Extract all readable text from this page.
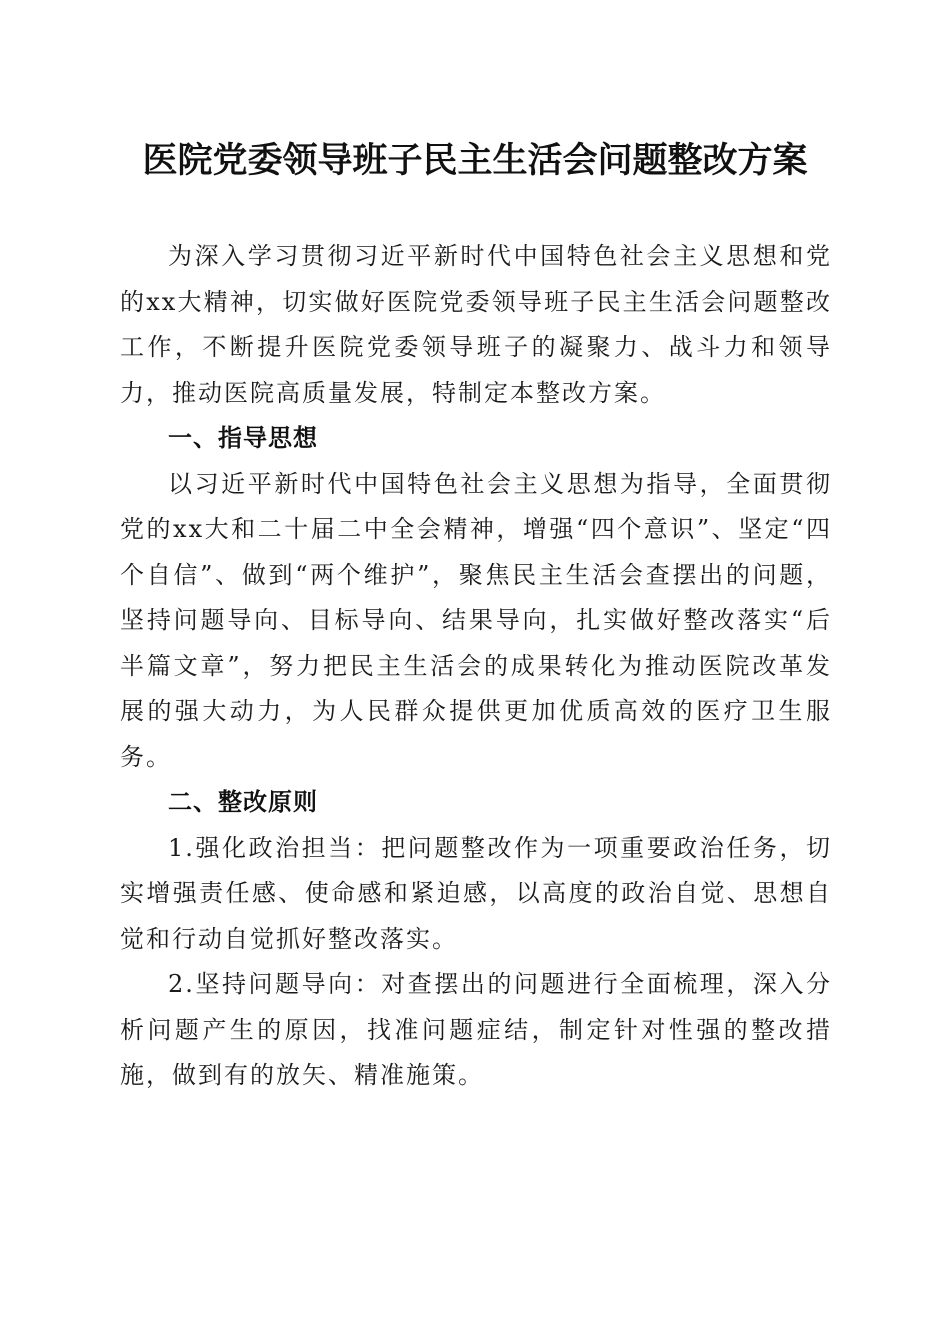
医院党委领导班子民主生活会问题整改方案

为深入学习贯彻习近平新时代中国特色社会主义思想和党的xx大精神，切实做好医院党委领导班子民主生活会问题整改工作，不断提升医院党委领导班子的凝聚力、战斗力和领导力，推动医院高质量发展，特制定本整改方案。

一、指导思想

以习近平新时代中国特色社会主义思想为指导，全面贯彻党的xx大和二十届二中全会精神，增强“四个意识”、坚定“四个自信”、做到“两个维护”，聚焦民主生活会查摆出的问题，坚持问题导向、目标导向、结果导向，扎实做好整改落实“后半篇文章”，努力把民主生活会的成果转化为推动医院改革发展的强大动力，为人民群众提供更加优质高效的医疗卫生服务。

二、整改原则

1.强化政治担当：把问题整改作为一项重要政治任务，切实增强责任感、使命感和紧迫感，以高度的政治自觉、思想自觉和行动自觉抓好整改落实。

2.坚持问题导向：对查摆出的问题进行全面梳理，深入分析问题产生的原因，找准问题症结，制定针对性强的整改措施，做到有的放矢、精准施策。
